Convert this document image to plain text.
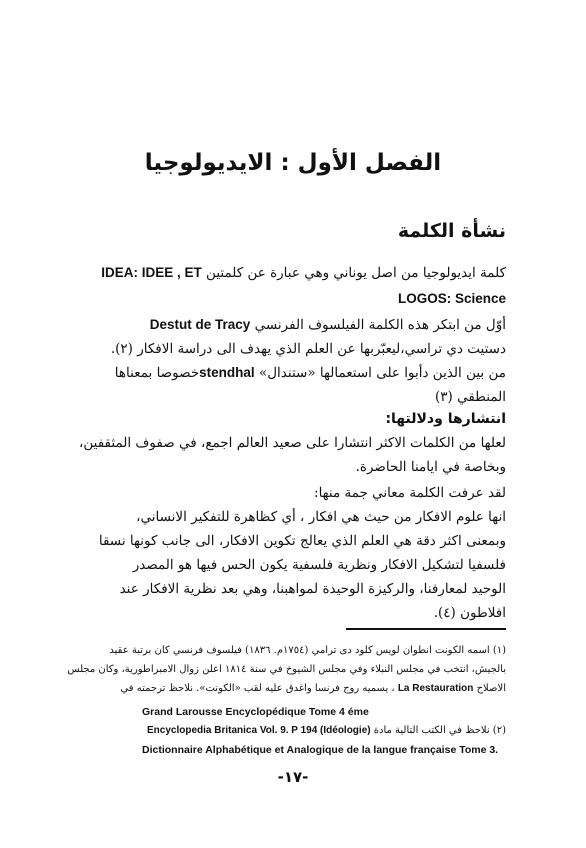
الفصل الأول:الايديولوجيا
نشأة الكلمة
كلمة ايديولوجيا من اصل يوناني وهي عبارة عن كلمتين IDEA: IDEE , ET
LOGOS: Science
أوّل من ابتكر هذه الكلمة الفيلسوف الفرنسي Destut de Tracy
دستيت دي تراسي،ليعبّربها عن العلم الذي يهدف الى دراسة الافكار (٢).
من بين الذين دأبوا على استعمالها «ستندال» stendhalخصوصا بمعناها
المنطقي (٣)
انتشارها ودلالتها:
لعلها من الكلمات الاكثر انتشارا على صعيد العالم اجمع، في صفوف المثقفين،
وبخاصة في ايامنا الحاضرة.
لقد عرفت الكلمة معاني جمة منها:
انها علوم الافكار من حيث هي افكار ، أي كظاهرة للتفكير الانساني،
وبمعنى اكثر دقة هي العلم الذي يعالج تكوين الافكار، الى جانب كونها نسقا
فلسفيا لتشكيل الافكار ونظرية فلسفية يكون الحس فيها هو المصدر
الوحيد لمعارفنا، والركيزة الوحيدة لمواهبنا، وهي بعد نظرية الافكار عند
افلاطون (٤).
(١) اسمه الكونت انطوان لويس كلود دى ترامي (١٧٥٤م. ١٨٣٦) فيلسوف فرنسي كان برتبة عقيد
بالجيش، انتخب في مجلس النبلاء وفي مجلس الشيوخ في سنة ١٨١٤ اعلن زوال الامبراطورية، وكان مجلس
الاصلاح La Restauration ، يسميه روج فرنسا واغدق عليه لقب «الكونت». نلاحظ ترجمته في
Grand Larousse Encyclopédique Tome 4 éme
(٢) نلاحظ في الكتب التالية مادة Encyclopedia Britanica Vol. 9. P 194 (Idéologie)
Dictionnaire Alphabétique et Analogique de la langue française Tome 3.
-١٧-
